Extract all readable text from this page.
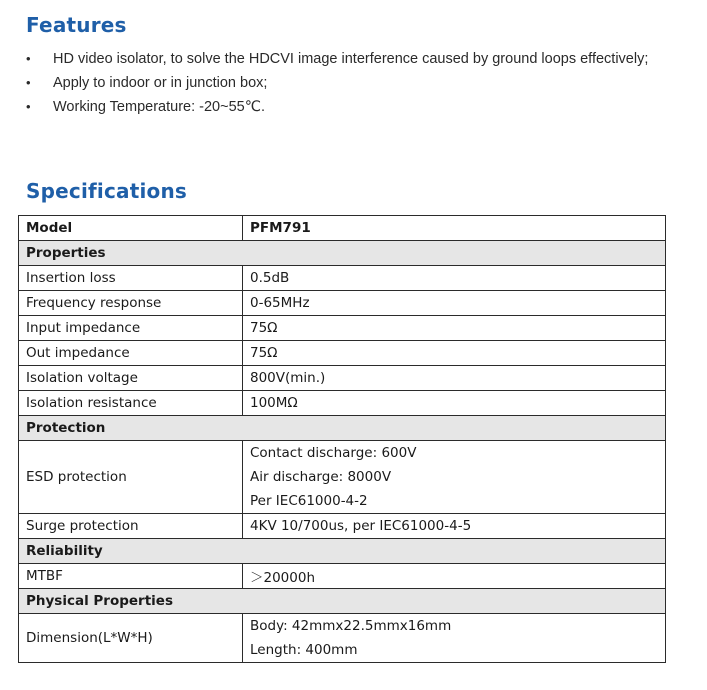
Features
• HD video isolator, to solve the HDCVI image interference caused by ground loops effectively;
• Apply to indoor or in junction box;
• Working Temperature: -20~55℃.
Specifications
Model	PFM791
Properties	
Insertion loss	0.5dB
Frequency response	0-65MHz
Input impedance	75Ω
Out impedance	75Ω
Isolation voltage	800V(min.)
Isolation resistance	100MΩ
Protection	
ESD protection	Contact discharge: 600V
Air discharge: 8000V
Per IEC61000-4-2

Surge protection	4KV 10/700us, per IEC61000-4-5
Reliability	
MTBF	＞20000h
Physical Properties	
Dimension(L*W*H)	Body: 42mmx22.5mmx16mm
Length: 400mm
